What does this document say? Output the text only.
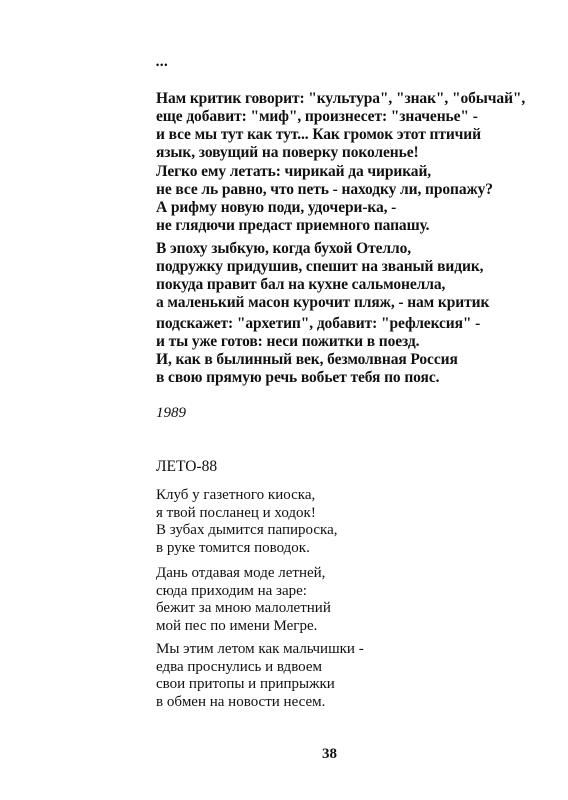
•••
Нам критик говорит: "культура", "знак", "обычай",
еще добавит: "миф", произнесет: "значенье" -
и все мы тут как тут... Как громок этот птичий
язык, зовущий на поверку поколенье!
Легко ему летать: чирикай да чирикай,
не все ль равно, что петь - находку ли, пропажу?
А рифму новую поди, удочери-ка, -
не глядючи предаст приемного папашу.
В эпоху зыбкую, когда бухой Отелло,
подружку придушив, спешит на званый видик,
покуда правит бал на кухне сальмонелла,
а маленький масон курочит пляж, - нам критик
подскажет: "архетип", добавит: "рефлексия" -
и ты уже готов: неси пожитки в поезд.
И, как в былинный век, безмолвная Россия
в свою прямую речь вобьет тебя по пояс.
1989
ЛЕТО-88
Клуб у газетного киоска,
я твой посланец и ходок!
В зубах дымится папироска,
в руке томится поводок.
Дань отдавая моде летней,
сюда приходим на заре:
бежит за мною малолетний
мой пес по имени Мегре.
Мы этим летом как мальчишки -
едва проснулись и вдвоем
свои притопы и припрыжки
в обмен на новости несем.
38
